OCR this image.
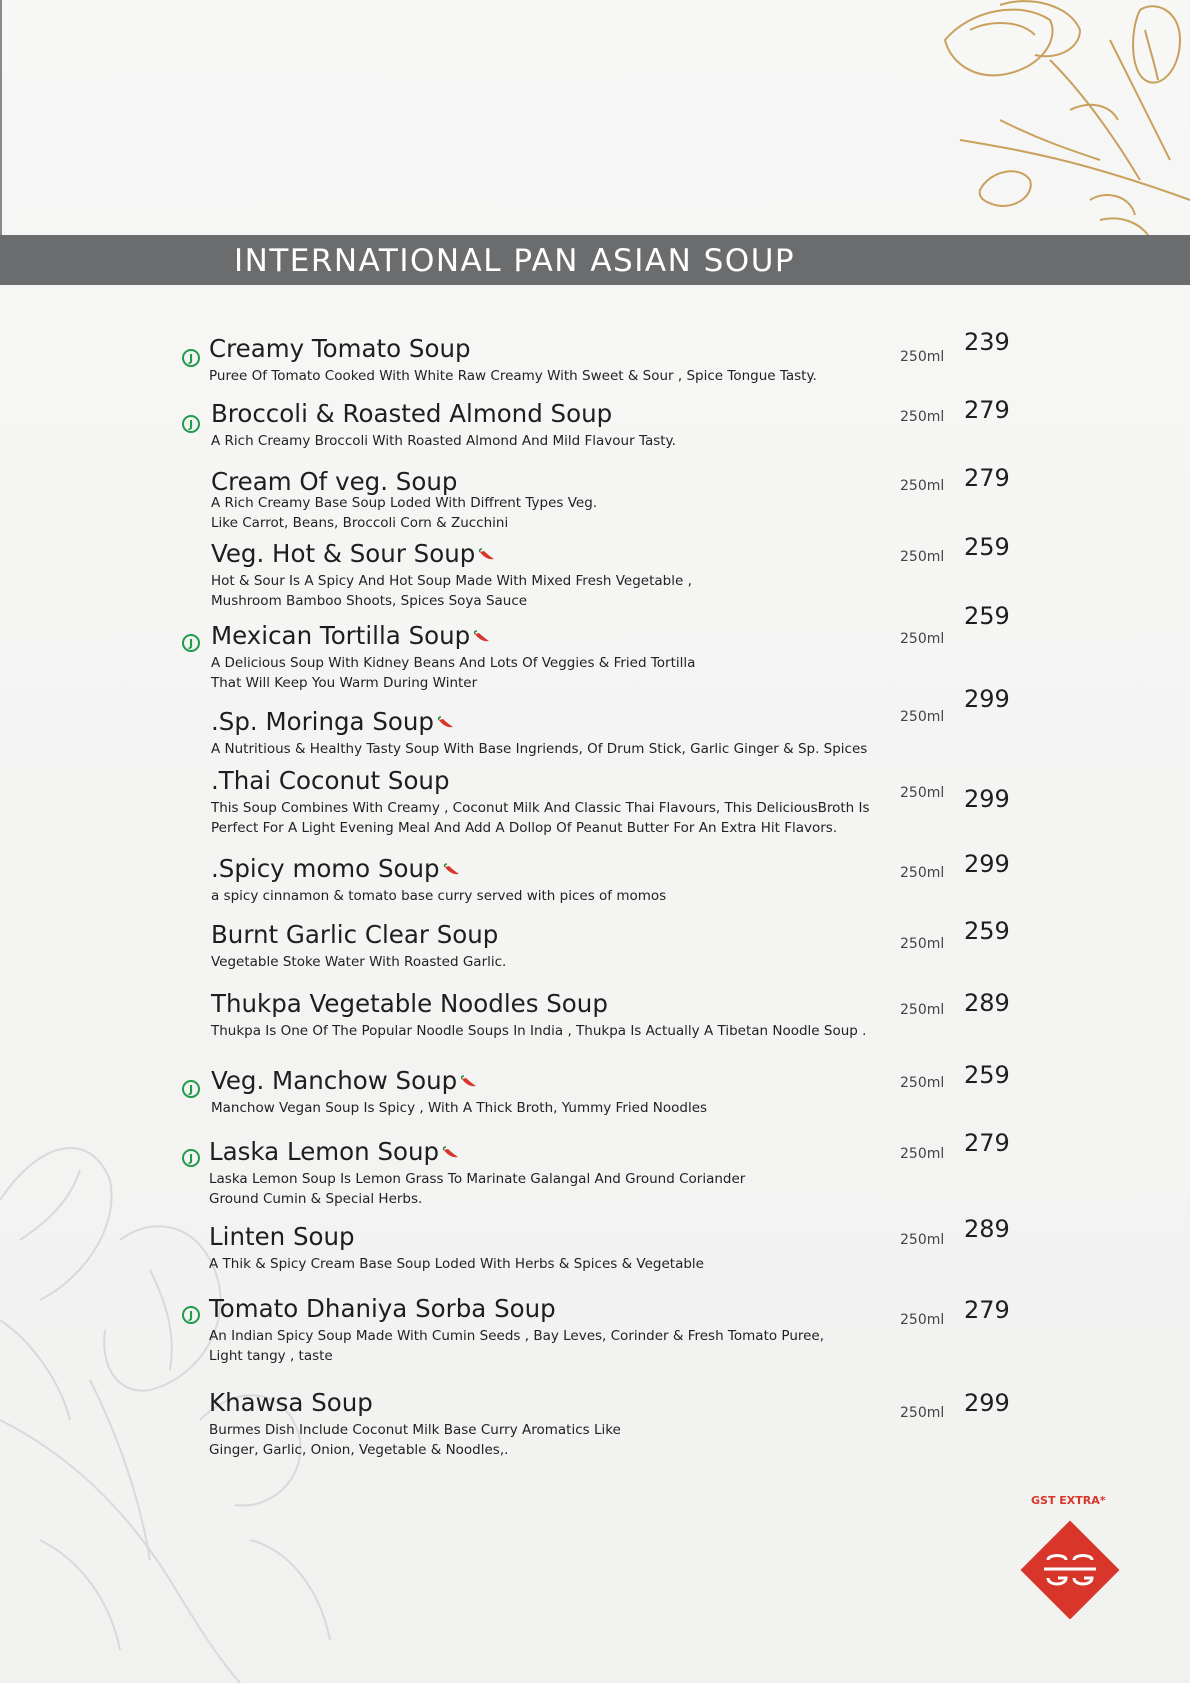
INTERNATIONAL PAN ASIAN SOUP
J Creamy Tomato Soup
Puree Of Tomato Cooked With White Raw Creamy With Sweet & Sour , Spice Tongue Tasty.
250ml
239
J Broccoli & Roasted Almond Soup
A Rich Creamy Broccoli With Roasted Almond And Mild Flavour Tasty.
250ml 279
Cream Of veg. Soup
A Rich Creamy Base Soup Loded With Diffrent Types Veg.
Like Carrot, Beans, Broccoli Corn & Zucchini
250ml 279
Veg. Hot & Sour Soup
Hot & Sour Is A Spicy And Hot Soup Made With Mixed Fresh Vegetable ,
Mushroom Bamboo Shoots, Spices Soya Sauce
250ml 259
J Mexican Tortilla Soup
A Delicious Soup With Kidney Beans And Lots Of Veggies & Fried Tortilla
That Will Keep You Warm During Winter
250ml
259
.Sp. Moringa Soup
A Nutritious & Healthy Tasty Soup With Base Ingriends, Of Drum Stick, Garlic Ginger & Sp. Spices
250ml
299
.Thai Coconut Soup
This Soup Combines With Creamy , Coconut Milk And Classic Thai Flavours, This DeliciousBroth Is
Perfect For A Light Evening Meal And Add A Dollop Of Peanut Butter For An Extra Hit Flavors.
250ml 299
.Spicy momo Soup
a spicy cinnamon & tomato base curry served with pices of momos
250ml 299
Burnt Garlic Clear Soup
Vegetable Stoke Water With Roasted Garlic.
250ml 259
Thukpa Vegetable Noodles Soup
Thukpa Is One Of The Popular Noodle Soups In India , Thukpa Is Actually A Tibetan Noodle Soup .
250ml 289
J Veg. Manchow Soup
Manchow Vegan Soup Is Spicy , With A Thick Broth, Yummy Fried Noodles
250ml 259
J Laska Lemon Soup
Laska Lemon Soup Is Lemon Grass To Marinate Galangal And Ground Coriander
Ground Cumin & Special Herbs.
250ml 279
Linten Soup
A Thik & Spicy Cream Base Soup Loded With Herbs & Spices & Vegetable
250ml 289
J Tomato Dhaniya Sorba Soup
An Indian Spicy Soup Made With Cumin Seeds , Bay Leves, Corinder & Fresh Tomato Puree,
Light tangy , taste
250ml 279
Khawsa Soup
Burmes Dish Include Coconut Milk Base Curry Aromatics Like
Ginger, Garlic, Onion, Vegetable & Noodles,.
250ml 299
GST EXTRA*
